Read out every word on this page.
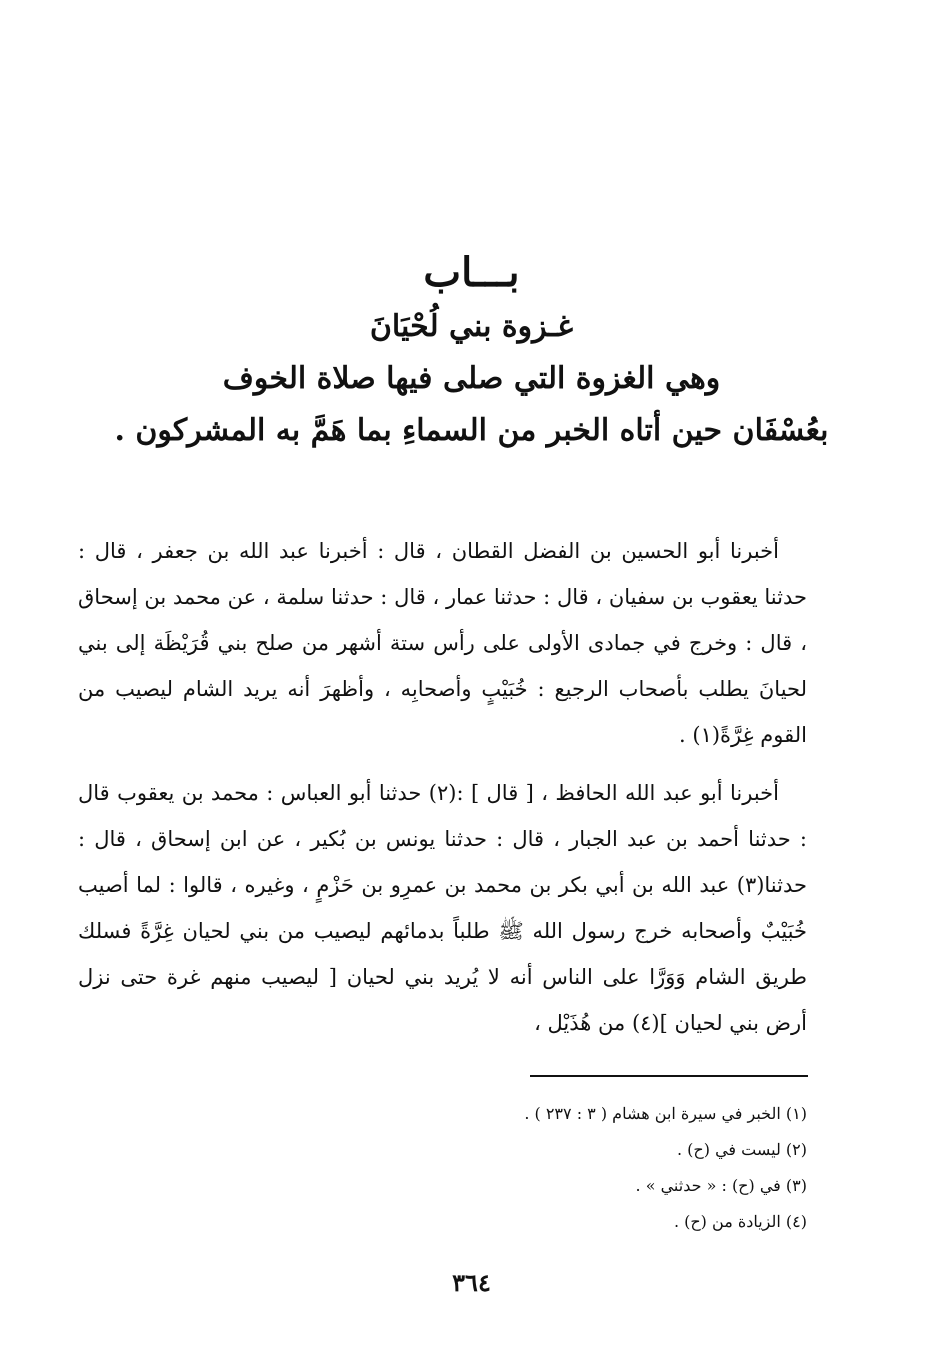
بـــاب
غـزوة بني لُحْيَانَ
وهي الغزوة التي صلى فيها صلاة الخوف
بعُسْفَان حين أتاه الخبر من السماءِ بما هَمَّ به المشركون .

أخبرنا أبو الحسين بن الفضل القطان ، قال : أخبرنا عبد الله بن جعفر ، قال : حدثنا يعقوب بن سفيان ، قال : حدثنا عمار ، قال : حدثنا سلمة ، عن محمد بن إسحاق ، قال : وخرج في جمادى الأولى على رأس ستة أشهر من صلح بني قُرَيْظَة إلى بني لحيانَ يطلب بأصحاب الرجيع : خُبَيْبٍ وأصحابِه ، وأظهرَ أنه يريد الشام ليصيب من القوم غِرَّةً(١) .

أخبرنا أبو عبد الله الحافظ ، [ قال ] :(٢) حدثنا أبو العباس : محمد بن يعقوب قال : حدثنا أحمد بن عبد الجبار ، قال : حدثنا يونس بن بُكير ، عن ابن إسحاق ، قال : حدثنا(٣) عبد الله بن أبي بكر بن محمد بن عمرِو بن حَزْمٍ ، وغيره ، قالوا : لما أصيب خُبَيْبٌ وأصحابه خرج رسول الله ﷺ طلباً بدمائهم ليصيب من بني لحيان غِرَّةً فسلك طريق الشام وَوَرَّا على الناس أنه لا يُريد بني لحيان [ ليصيب منهم غرة حتى نزل أرض بني لحيان ](٤) من هُذَيْل ،

(١) الخبر في سيرة ابن هشام ( ٣ : ٢٣٧ ) .
(٢) ليست في (ح) .
(٣) في (ح) : « حدثني » .
(٤) الزيادة من (ح) .
٣٦٤
